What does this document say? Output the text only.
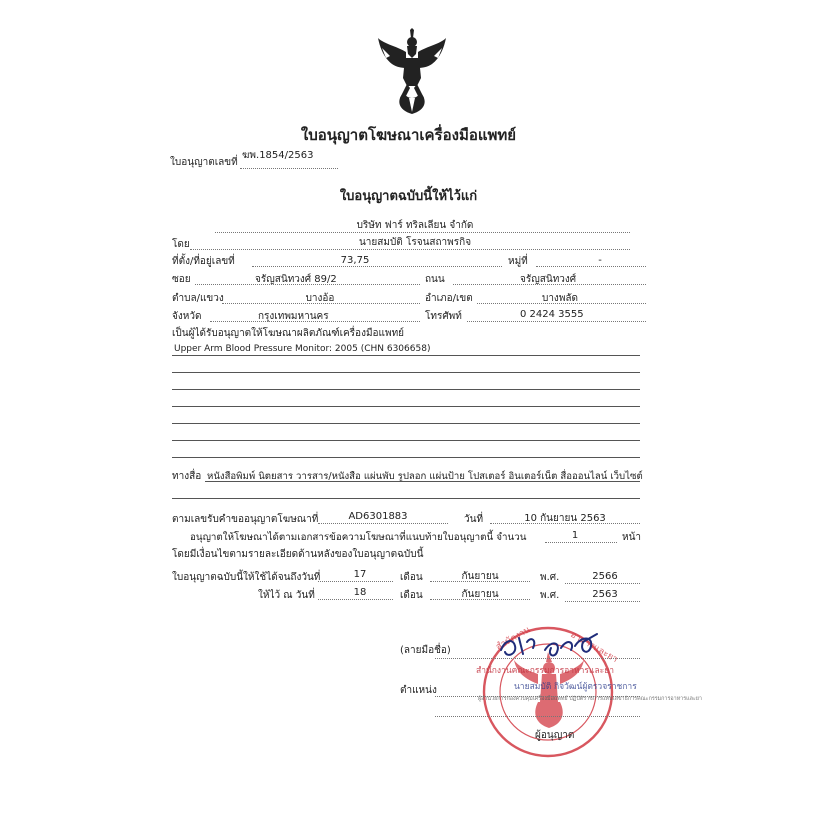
ใบอนุญาตโฆษณาเครื่องมือแพทย์
ใบอนุญาตเลขที่
ฆพ.1854/2563
ใบอนุญาตฉบับนี้ให้ไว้แก่
บริษัท ฟาร์ ทริลเลียน จำกัด
โดย	นายสมบัติ โรจนสถาพรกิจ
ที่ตั้ง/ที่อยู่เลขที่	73,75	หมู่ที่	-
ซอย	จรัญสนิทวงศ์ 89/2	ถนน	จรัญสนิทวงศ์
ตำบล/แขวง	บางอ้อ	อำเภอ/เขต	บางพลัด
จังหวัด	กรุงเทพมหานคร	โทรศัพท์	0 2424 3555
เป็นผู้ได้รับอนุญาตให้โฆษณาผลิตภัณฑ์เครื่องมือแพทย์
Upper Arm Blood Pressure Monitor: 2005 (CHN 6306658)
ทางสื่อ หนังสือพิมพ์ นิตยสาร วารสาร/หนังสือ แผ่นพับ รูปลอก แผ่นป้าย โปสเตอร์ อินเตอร์เน็ต สื่อออนไลน์ เว็บไซต์
ตามเลขรับคำขออนุญาตโฆษณาที่	AD6301883	วันที่	10 กันยายน 2563
อนุญาตให้โฆษณาได้ตามเอกสารข้อความโฆษณาที่แนบท้ายใบอนุญาตนี้ จำนวน	1	หน้า
โดยมีเงื่อนไขตามรายละเอียดด้านหลังของใบอนุญาตฉบับนี้
ใบอนุญาตฉบับนี้ให้ใช้ได้จนถึงวันที่	17	เดือน	กันยายน	พ.ศ.	2566
ให้ไว้ ณ วันที่	18	เดือน	กันยายน	พ.ศ.	2563
สำนักงาน	อาหารและยา
สำนักงานคณะกรรมการอาหารและยา
นายสมบัติ กิจวัฒน์ผู้ตรวจราชการ
ผู้อำนวยการกองควบคุมเครื่องมือแพทย์ ปฏิบัติราชการแทนเลขาธิการคณะกรรมการอาหารและยา
(ลายมือชื่อ)
ตำแหน่ง
ผู้อนุญาต
